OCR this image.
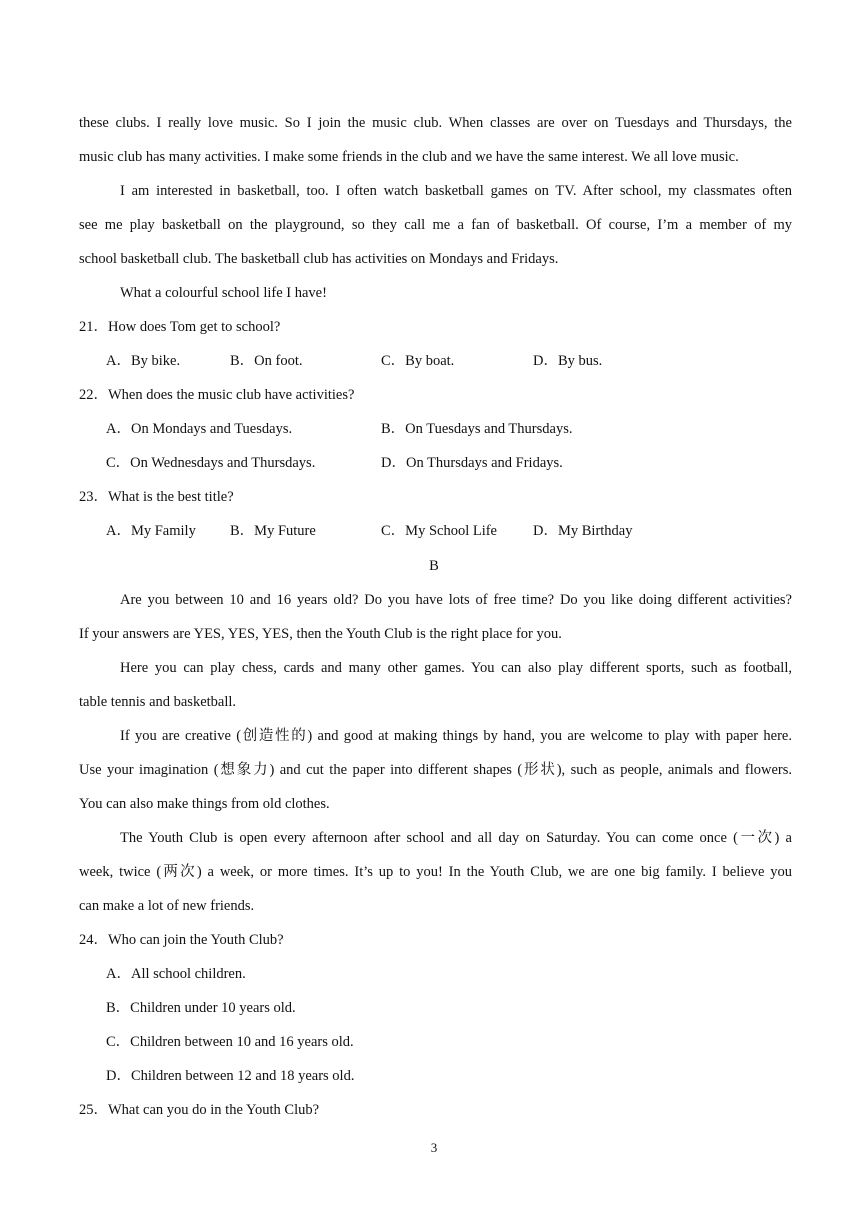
these clubs. I really love music. So I join the music club. When classes are over on Tuesdays and Thursdays, the
music club has many activities. I make some friends in the club and we have the same interest. We all love music.
I am interested in basketball, too. I often watch basketball games on TV. After school, my classmates often
see me play basketball on the playground, so they call me a fan of basketball. Of course, I’m a member of my
school basketball club. The basketball club has activities on Mondays and Fridays.
What a colourful school life I have!
21．How does Tom get to school?
A．By bike.	B．On foot.	C．By boat.	D．By bus.
22．When does the music club have activities?
A．On Mondays and Tuesdays.	B．On Tuesdays and Thursdays.
C．On Wednesdays and Thursdays.	D．On Thursdays and Fridays.
23．What is the best title?
A．My Family B．My Future	C．My School Life D．My Birthday
B
Are you between 10 and 16 years old? Do you have lots of free time? Do you like doing different activities?
If your answers are YES, YES, YES, then the Youth Club is the right place for you.
Here you can play chess, cards and many other games. You can also play different sports, such as football,
table tennis and basketball.
If you are creative (创造性的) and good at making things by hand, you are welcome to play with paper here.
Use your imagination (想象力) and cut the paper into different shapes (形状), such as people, animals and flowers.
You can also make things from old clothes.
The Youth Club is open every afternoon after school and all day on Saturday. You can come once (一次) a
week, twice (两次) a week, or more times. It’s up to you! In the Youth Club, we are one big family. I believe you
can make a lot of new friends.
24．Who can join the Youth Club?
A．All school children.
B．Children under 10 years old.
C．Children between 10 and 16 years old.
D．Children between 12 and 18 years old.
25．What can you do in the Youth Club?
3
